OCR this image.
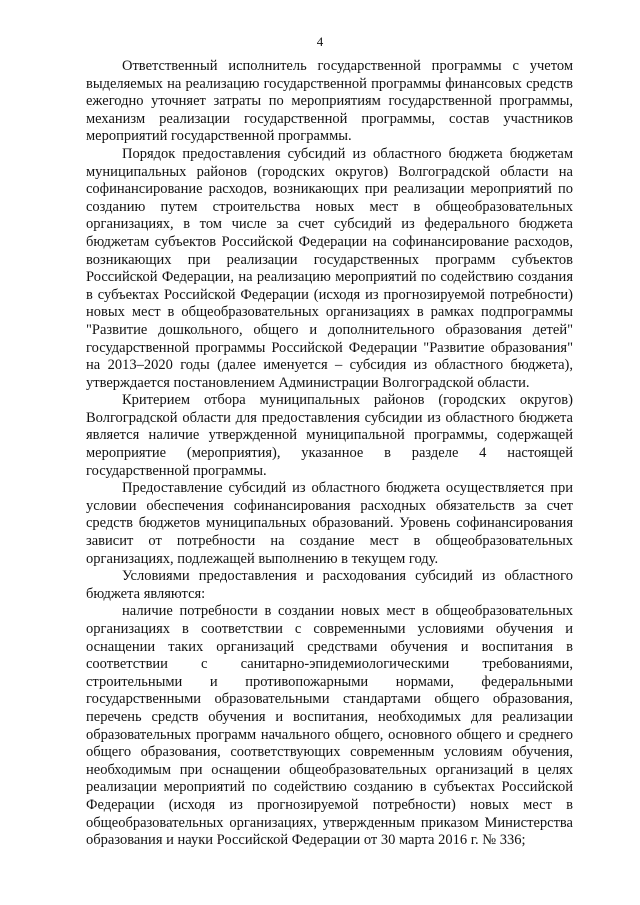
4

Ответственный исполнитель государственной программы с учетом выделяемых на реализацию государственной программы финансовых средств ежегодно уточняет затраты по мероприятиям государственной программы, механизм реализации государственной программы, состав участников мероприятий государственной программы.

Порядок предоставления субсидий из областного бюджета бюджетам муниципальных районов (городских округов) Волгоградской области на софинансирование расходов, возникающих при реализации мероприятий по созданию путем строительства новых мест в общеобразовательных организациях, в том числе за счет субсидий из федерального бюджета бюджетам субъектов Российской Федерации на софинансирование расходов, возникающих при реализации государственных программ субъектов Российской Федерации, на реализацию мероприятий по содействию создания в субъектах Российской Федерации (исходя из прогнозируемой потребности) новых мест в общеобразовательных организациях в рамках подпрограммы "Развитие дошкольного, общего и дополнительного образования детей" государственной программы Российской Федерации "Развитие образования" на 2013–2020 годы (далее именуется – субсидия из областного бюджета), утверждается постановлением Администрации Волгоградской области.

Критерием отбора муниципальных районов (городских округов) Волгоградской области для предоставления субсидии из областного бюджета является наличие утвержденной муниципальной программы, содержащей мероприятие (мероприятия), указанное в разделе 4 настоящей государственной программы.

Предоставление субсидий из областного бюджета осуществляется при условии обеспечения софинансирования расходных обязательств за счет средств бюджетов муниципальных образований. Уровень софинансирования зависит от потребности на создание мест в общеобразовательных организациях, подлежащей выполнению в текущем году.

Условиями предоставления и расходования субсидий из областного бюджета являются:

наличие потребности в создании новых мест в общеобразовательных организациях в соответствии с современными условиями обучения и оснащении таких организаций средствами обучения и воспитания в соответствии с санитарно-эпидемиологическими требованиями, строительными и противопожарными нормами, федеральными государственными образовательными стандартами общего образования, перечень средств обучения и воспитания, необходимых для реализации образовательных программ начального общего, основного общего и среднего общего образования, соответствующих современным условиям обучения, необходимым при оснащении общеобразовательных организаций в целях реализации мероприятий по содействию созданию в субъектах Российской Федерации (исходя из прогнозируемой потребности) новых мест в общеобразовательных организациях, утвержденным приказом Министерства образования и науки Российской Федерации от 30 марта 2016 г. № 336;
